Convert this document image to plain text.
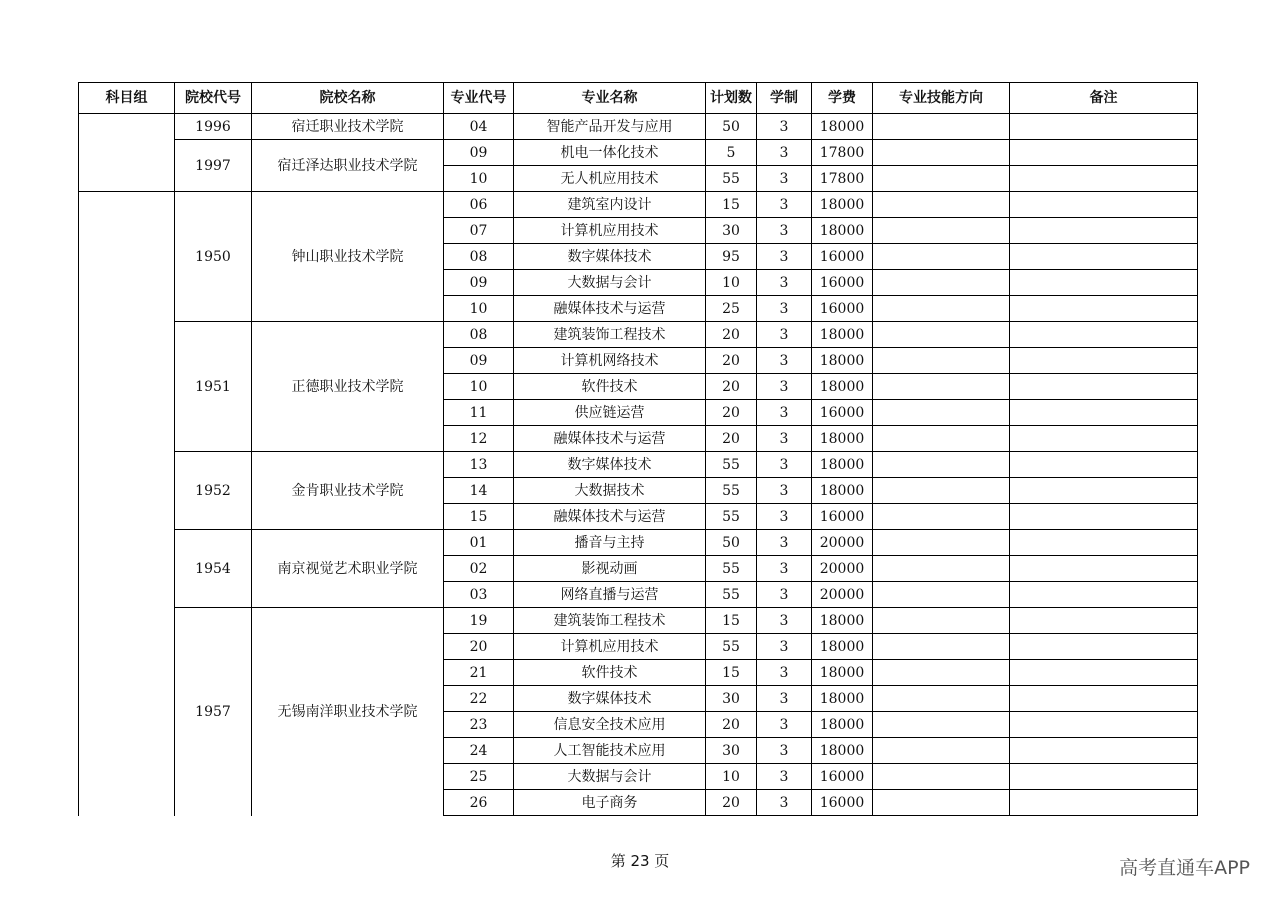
科目组	院校代号	院校名称	专业代号	专业名称	计划数	学制	学费	专业技能方向	备注
	1996	宿迁职业技术学院	04	智能产品开发与应用	50	3	18000		
	1997	宿迁泽达职业技术学院	09	机电一体化技术	5	3	17800		
			10	无人机应用技术	55	3	17800		
	1950	钟山职业技术学院	06	建筑室内设计	15	3	18000		
			07	计算机应用技术	30	3	18000		
			08	数字媒体技术	95	3	16000		
			09	大数据与会计	10	3	16000		
			10	融媒体技术与运营	25	3	16000		
	1951	正德职业技术学院	08	建筑装饰工程技术	20	3	18000		
			09	计算机网络技术	20	3	18000		
			10	软件技术	20	3	18000		
			11	供应链运营	20	3	16000		
			12	融媒体技术与运营	20	3	18000		
	1952	金肯职业技术学院	13	数字媒体技术	55	3	18000		
			14	大数据技术	55	3	18000		
			15	融媒体技术与运营	55	3	16000		
	1954	南京视觉艺术职业学院	01	播音与主持	50	3	20000		
			02	影视动画	55	3	20000		
			03	网络直播与运营	55	3	20000		
	1957	无锡南洋职业技术学院	19	建筑装饰工程技术	15	3	18000		
			20	计算机应用技术	55	3	18000		
			21	软件技术	15	3	18000		
			22	数字媒体技术	30	3	18000		
			23	信息安全技术应用	20	3	18000		
			24	人工智能技术应用	30	3	18000		
			25	大数据与会计	10	3	16000		
			26	电子商务	20	3	16000		
第 23 页	高考直通车APP
